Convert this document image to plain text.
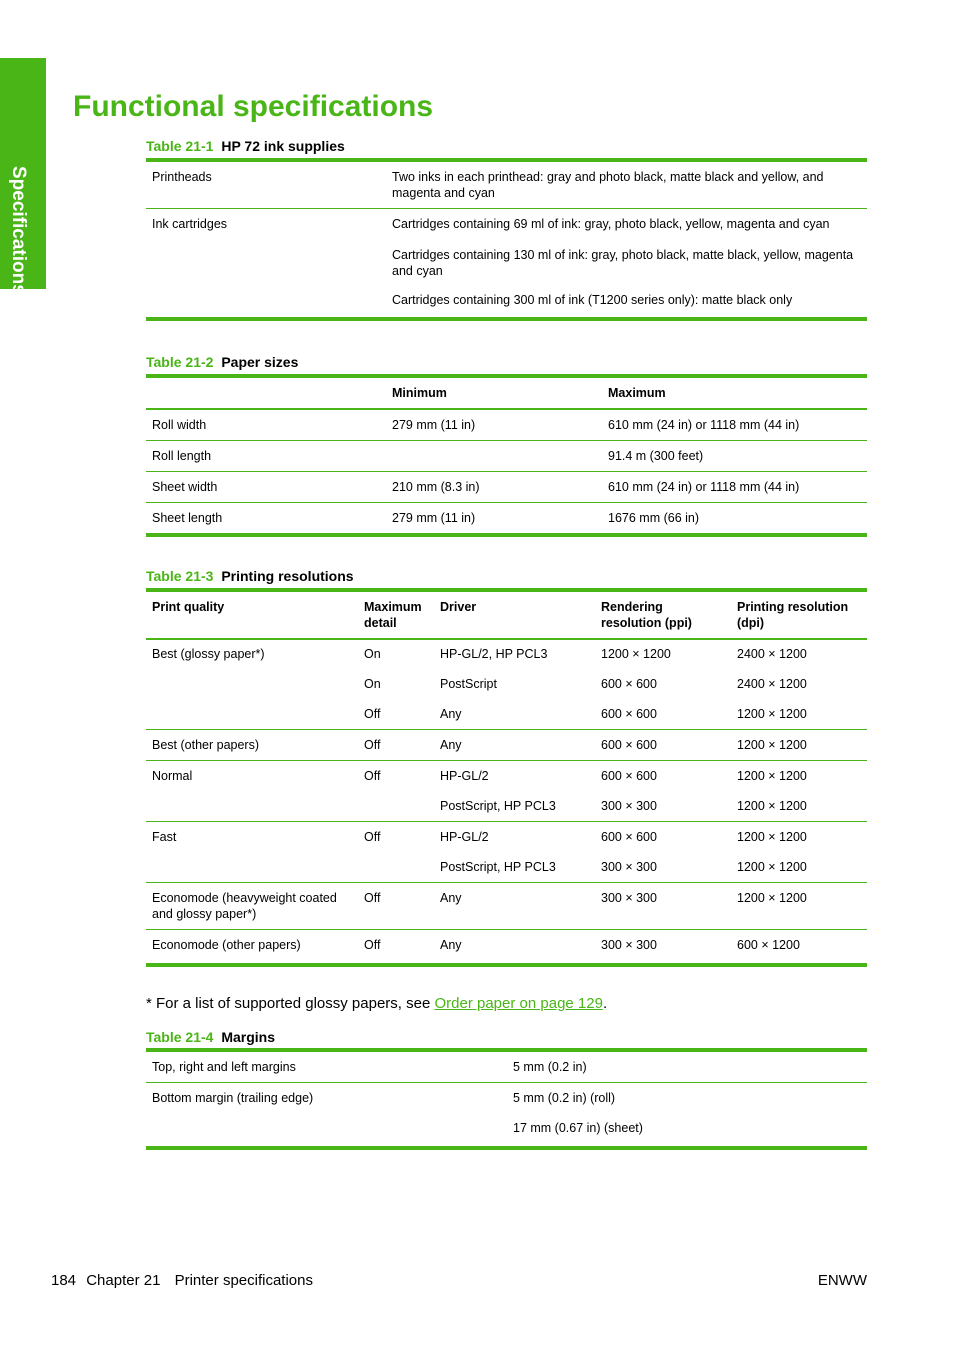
Specifications
Functional specifications
Table 21-1 HP 72 ink supplies
Printheads	Two inks in each printhead: gray and photo black, matte black and yellow, and magenta and cyan
Ink cartridges	Cartridges containing 69 ml of ink: gray, photo black, yellow, magenta and cyan
	Cartridges containing 130 ml of ink: gray, photo black, matte black, yellow, magenta and cyan
	Cartridges containing 300 ml of ink (T1200 series only): matte black only
Table 21-2 Paper sizes
	Minimum	Maximum
Roll width	279 mm (11 in)	610 mm (24 in) or 1118 mm (44 in)
Roll length		91.4 m (300 feet)
Sheet width	210 mm (8.3 in)	610 mm (24 in) or 1118 mm (44 in)
Sheet length	279 mm (11 in)	1676 mm (66 in)
Table 21-3 Printing resolutions
Print quality	Maximum detail	Driver	Rendering resolution (ppi)	Printing resolution (dpi)
Best (glossy paper*)	On	HP-GL/2, HP PCL3	1200 × 1200	2400 × 1200
	On	PostScript	600 × 600	2400 × 1200
	Off	Any	600 × 600	1200 × 1200
Best (other papers)	Off	Any	600 × 600	1200 × 1200
Normal	Off	HP-GL/2	600 × 600	1200 × 1200
		PostScript, HP PCL3	300 × 300	1200 × 1200
Fast	Off	HP-GL/2	600 × 600	1200 × 1200
		PostScript, HP PCL3	300 × 300	1200 × 1200
Economode (heavyweight coated and glossy paper*)	Off	Any	300 × 300	1200 × 1200
Economode (other papers)	Off	Any	300 × 300	600 × 1200
* For a list of supported glossy papers, see Order paper on page 129.
Table 21-4 Margins
Top, right and left margins	5 mm (0.2 in)
Bottom margin (trailing edge)	5 mm (0.2 in) (roll)
	17 mm (0.67 in) (sheet)
184 Chapter 21 Printer specifications	ENWW
